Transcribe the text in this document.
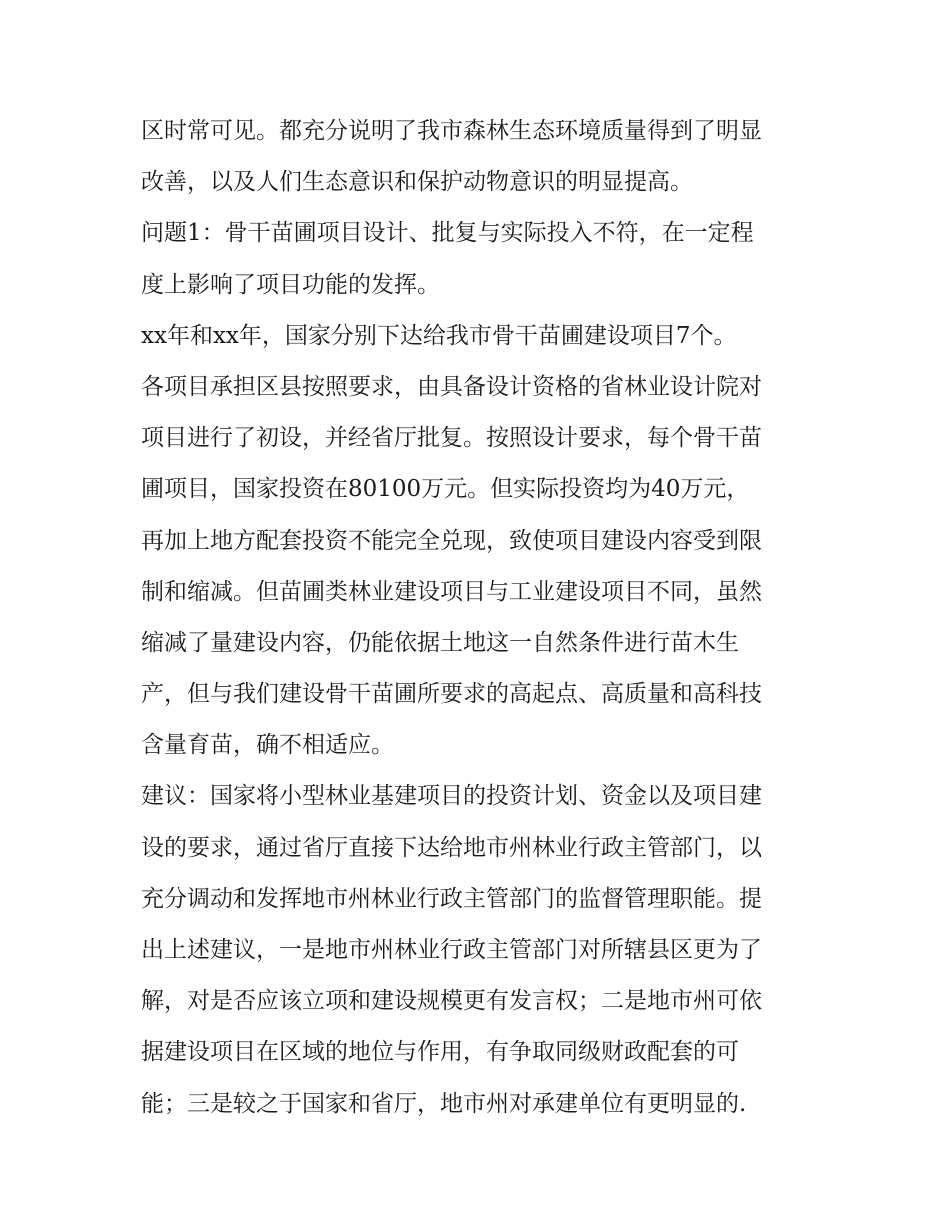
区时常可见。都充分说明了我市森林生态环境质量得到了明显
改善，以及人们生态意识和保护动物意识的明显提高。
问题1：骨干苗圃项目设计、批复与实际投入不符，在一定程
度上影响了项目功能的发挥。
xx年和xx年，国家分别下达给我市骨干苗圃建设项目7个。
各项目承担区县按照要求，由具备设计资格的省林业设计院对
项目进行了初设，并经省厅批复。按照设计要求，每个骨干苗
圃项目，国家投资在80100万元。但实际投资均为40万元，
再加上地方配套投资不能完全兑现，致使项目建设内容受到限
制和缩减。但苗圃类林业建设项目与工业建设项目不同，虽然
缩减了量建设内容，仍能依据土地这一自然条件进行苗木生
产，但与我们建设骨干苗圃所要求的高起点、高质量和高科技
含量育苗，确不相适应。
建议：国家将小型林业基建项目的投资计划、资金以及项目建
设的要求，通过省厅直接下达给地市州林业行政主管部门，以
充分调动和发挥地市州林业行政主管部门的监督管理职能。提
出上述建议，一是地市州林业行政主管部门对所辖县区更为了
解，对是否应该立项和建设规模更有发言权；二是地市州可依
据建设项目在区域的地位与作用，有争取同级财政配套的可
能；三是较之于国家和省厅，地市州对承建单位有更明显的.
